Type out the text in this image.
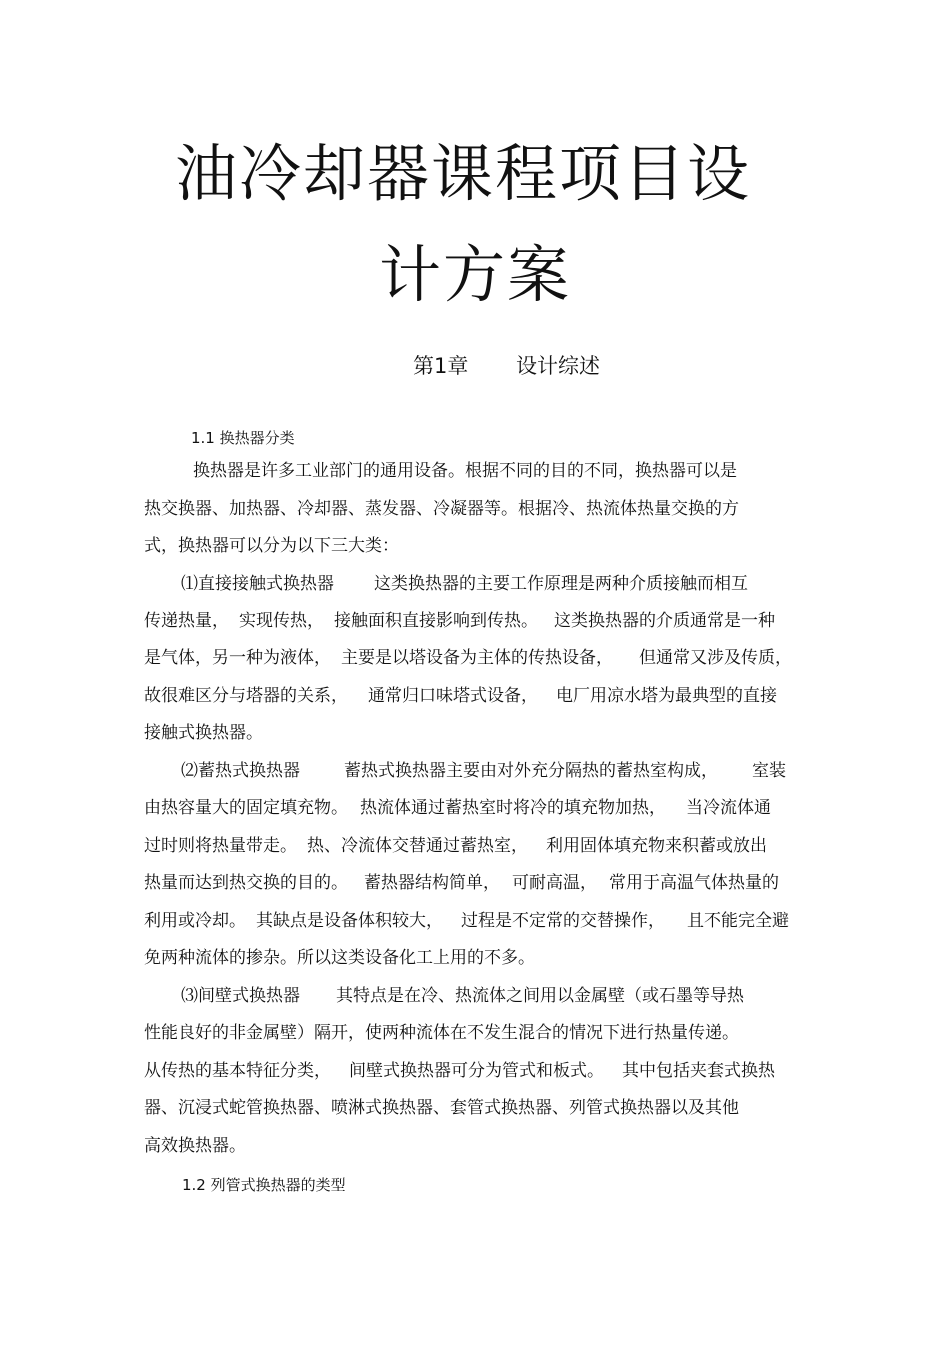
油冷却器课程项目设
计方案
第1章 设计综述
1.1 换热器分类
换热器是许多工业部门的通用设备。根据不同的目的不同，换热器可以是
热交换器、加热器、冷却器、蒸发器、冷凝器等。根据冷、热流体热量交换的方
式，换热器可以分为以下三大类：
⑴直接接触式换热器 这类换热器的主要工作原理是两种介质接触而相互
传递热量， 实现传热， 接触面积直接影响到传热。 这类换热器的介质通常是一种
是气体，另一种为液体， 主要是以塔设备为主体的传热设备， 但通常又涉及传质，
故很难区分与塔器的关系， 通常归口味塔式设备， 电厂用凉水塔为最典型的直接
接触式换热器。
⑵蓄热式换热器	蓄热式换热器主要由对外充分隔热的蓄热室构成， 室装
由热容量大的固定填充物。 热流体通过蓄热室时将冷的填充物加热， 当冷流体通
过时则将热量带走。 热、冷流体交替通过蓄热室， 利用固体填充物来积蓄或放出
热量而达到热交换的目的。 蓄热器结构简单， 可耐高温， 常用于高温气体热量的
利用或冷却。 其缺点是设备体积较大， 过程是不定常的交替操作， 且不能完全避
免两种流体的掺杂。所以这类设备化工上用的不多。
⑶间壁式换热器 其特点是在冷、热流体之间用以金属壁（或石墨等导热
性能良好的非金属壁）隔开，使两种流体在不发生混合的情况下进行热量传递。
从传热的基本特征分类， 间壁式换热器可分为管式和板式。 其中包括夹套式换热
器、沉浸式蛇管换热器、喷淋式换热器、套管式换热器、列管式换热器以及其他
高效换热器。
1.2 列管式换热器的类型
